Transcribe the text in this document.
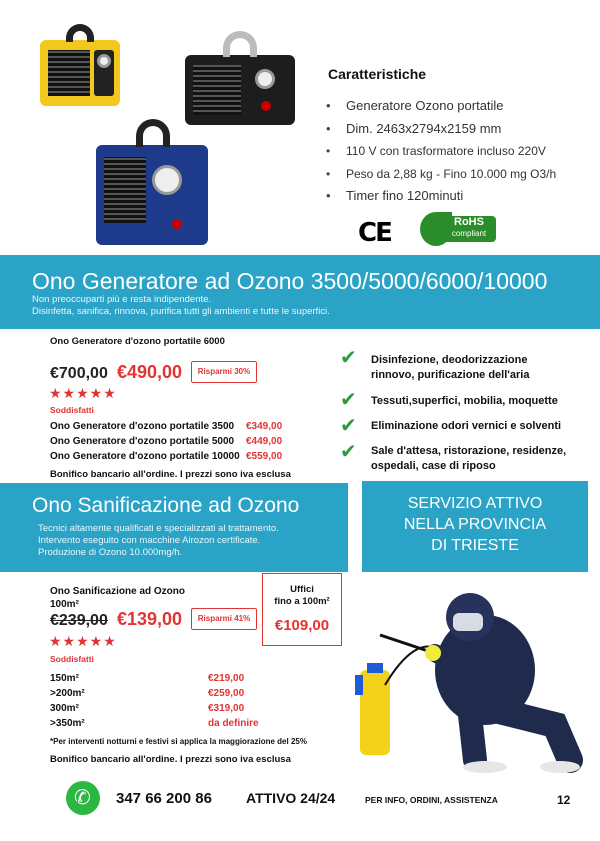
Caratteristiche
• Generatore Ozono portatile
• Dim. 2463x2794x2159 mm
• 110 V con trasformatore incluso 220V
• Peso da 2,88 kg - Fino 10.000 mg O3/h
• Timer fino 120minuti
CE	RoHS
compliant
Ono Generatore ad Ozono 3500/5000/6000/10000
Non preoccuparti più e resta indipendente.
Disinfetta, sanifica, rinnova, purifica tutti gli ambienti e tutte le superfici.
Ono Generatore d'ozono portatile 6000
€700,00 €490,00	Risparmi 30%
★★★★★
Soddisfatti
Ono Generatore d'ozono portatile 3500 €349,00
Ono Generatore d'ozono portatile 5000 €449,00
Ono Generatore d'ozono portatile 10000 €559,00
Bonifico bancario all'ordine. I prezzi sono iva esclusa
✔ Disinfezione, deodorizzazione
rinnovo, purificazione dell'aria
✔ Tessuti,superfici, mobilia, moquette
✔ Eliminazione odori vernici e solventi
✔ Sale d'attesa, ristorazione, residenze,
ospedali, case di riposo
Ono Sanificazione ad Ozono
Tecnici altamente qualificati e specializzati al trattamento.
Intervento eseguito con macchine Airozon certificate.
Produzione di Ozono 10.000mg/h.
SERVIZIO ATTIVO
NELLA PROVINCIA
DI TRIESTE
Ono Sanificazione ad Ozono
100m²
€239,00 €139,00	Risparmi 41%
★★★★★
Soddisfatti
Uffici
fino a 100m²
€109,00
150m²	€219,00
>200m²	€259,00
300m²	€319,00
>350m²	da definire
*Per interventi notturni e festivi si applica la maggiorazione del 25%
Bonifico bancario all'ordine. I prezzi sono iva esclusa
✆
347 66 200 86 ATTIVO 24/24	PER INFO, ORDINI, ASSISTENZA	12
